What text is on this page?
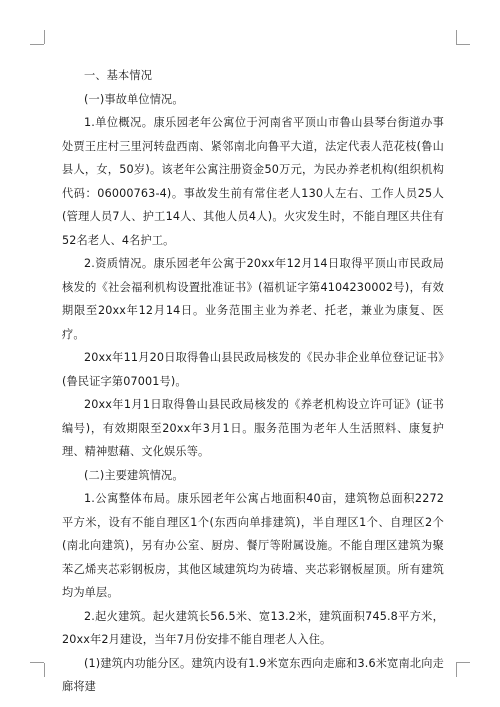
一、基本情况

(一)事故单位情况。

1.单位概况。康乐园老年公寓位于河南省平顶山市鲁山县琴台街道办事处贾王庄村三里河转盘西南、紧邻南北向鲁平大道，法定代表人范花枝(鲁山县人，女，50岁)。该老年公寓注册资金50万元，为民办养老机构(组织机构代码：06000763-4)。事故发生前有常住老人130人左右、工作人员25人(管理人员7人、护工14人、其他人员4人)。火灾发生时，不能自理区共住有52名老人、4名护工。

2.资质情况。康乐园老年公寓于20xx年12月14日取得平顶山市民政局核发的《社会福利机构设置批准证书》(福机证字第4104230002号)，有效期限至20xx年12月14日。业务范围主业为养老、托老，兼业为康复、医疗。

20xx年11月20日取得鲁山县民政局核发的《民办非企业单位登记证书》(鲁民证字第07001号)。

20xx年1月1日取得鲁山县民政局核发的《养老机构设立许可证》(证书编号)，有效期限至20xx年3月1日。服务范围为老年人生活照料、康复护理、精神慰藉、文化娱乐等。

(二)主要建筑情况。

1.公寓整体布局。康乐园老年公寓占地面积40亩，建筑物总面积2272平方米，设有不能自理区1个(东西向单排建筑)，半自理区1个、自理区2个(南北向建筑)，另有办公室、厨房、餐厅等附属设施。不能自理区建筑为聚苯乙烯夹芯彩钢板房，其他区域建筑均为砖墙、夹芯彩钢板屋顶。所有建筑均为单层。

2.起火建筑。起火建筑长56.5米、宽13.2米，建筑面积745.8平方米，20xx年2月建设，当年7月份安排不能自理老人入住。

(1)建筑内功能分区。建筑内设有1.9米宽东西向走廊和3.6米宽南北向走廊将建
